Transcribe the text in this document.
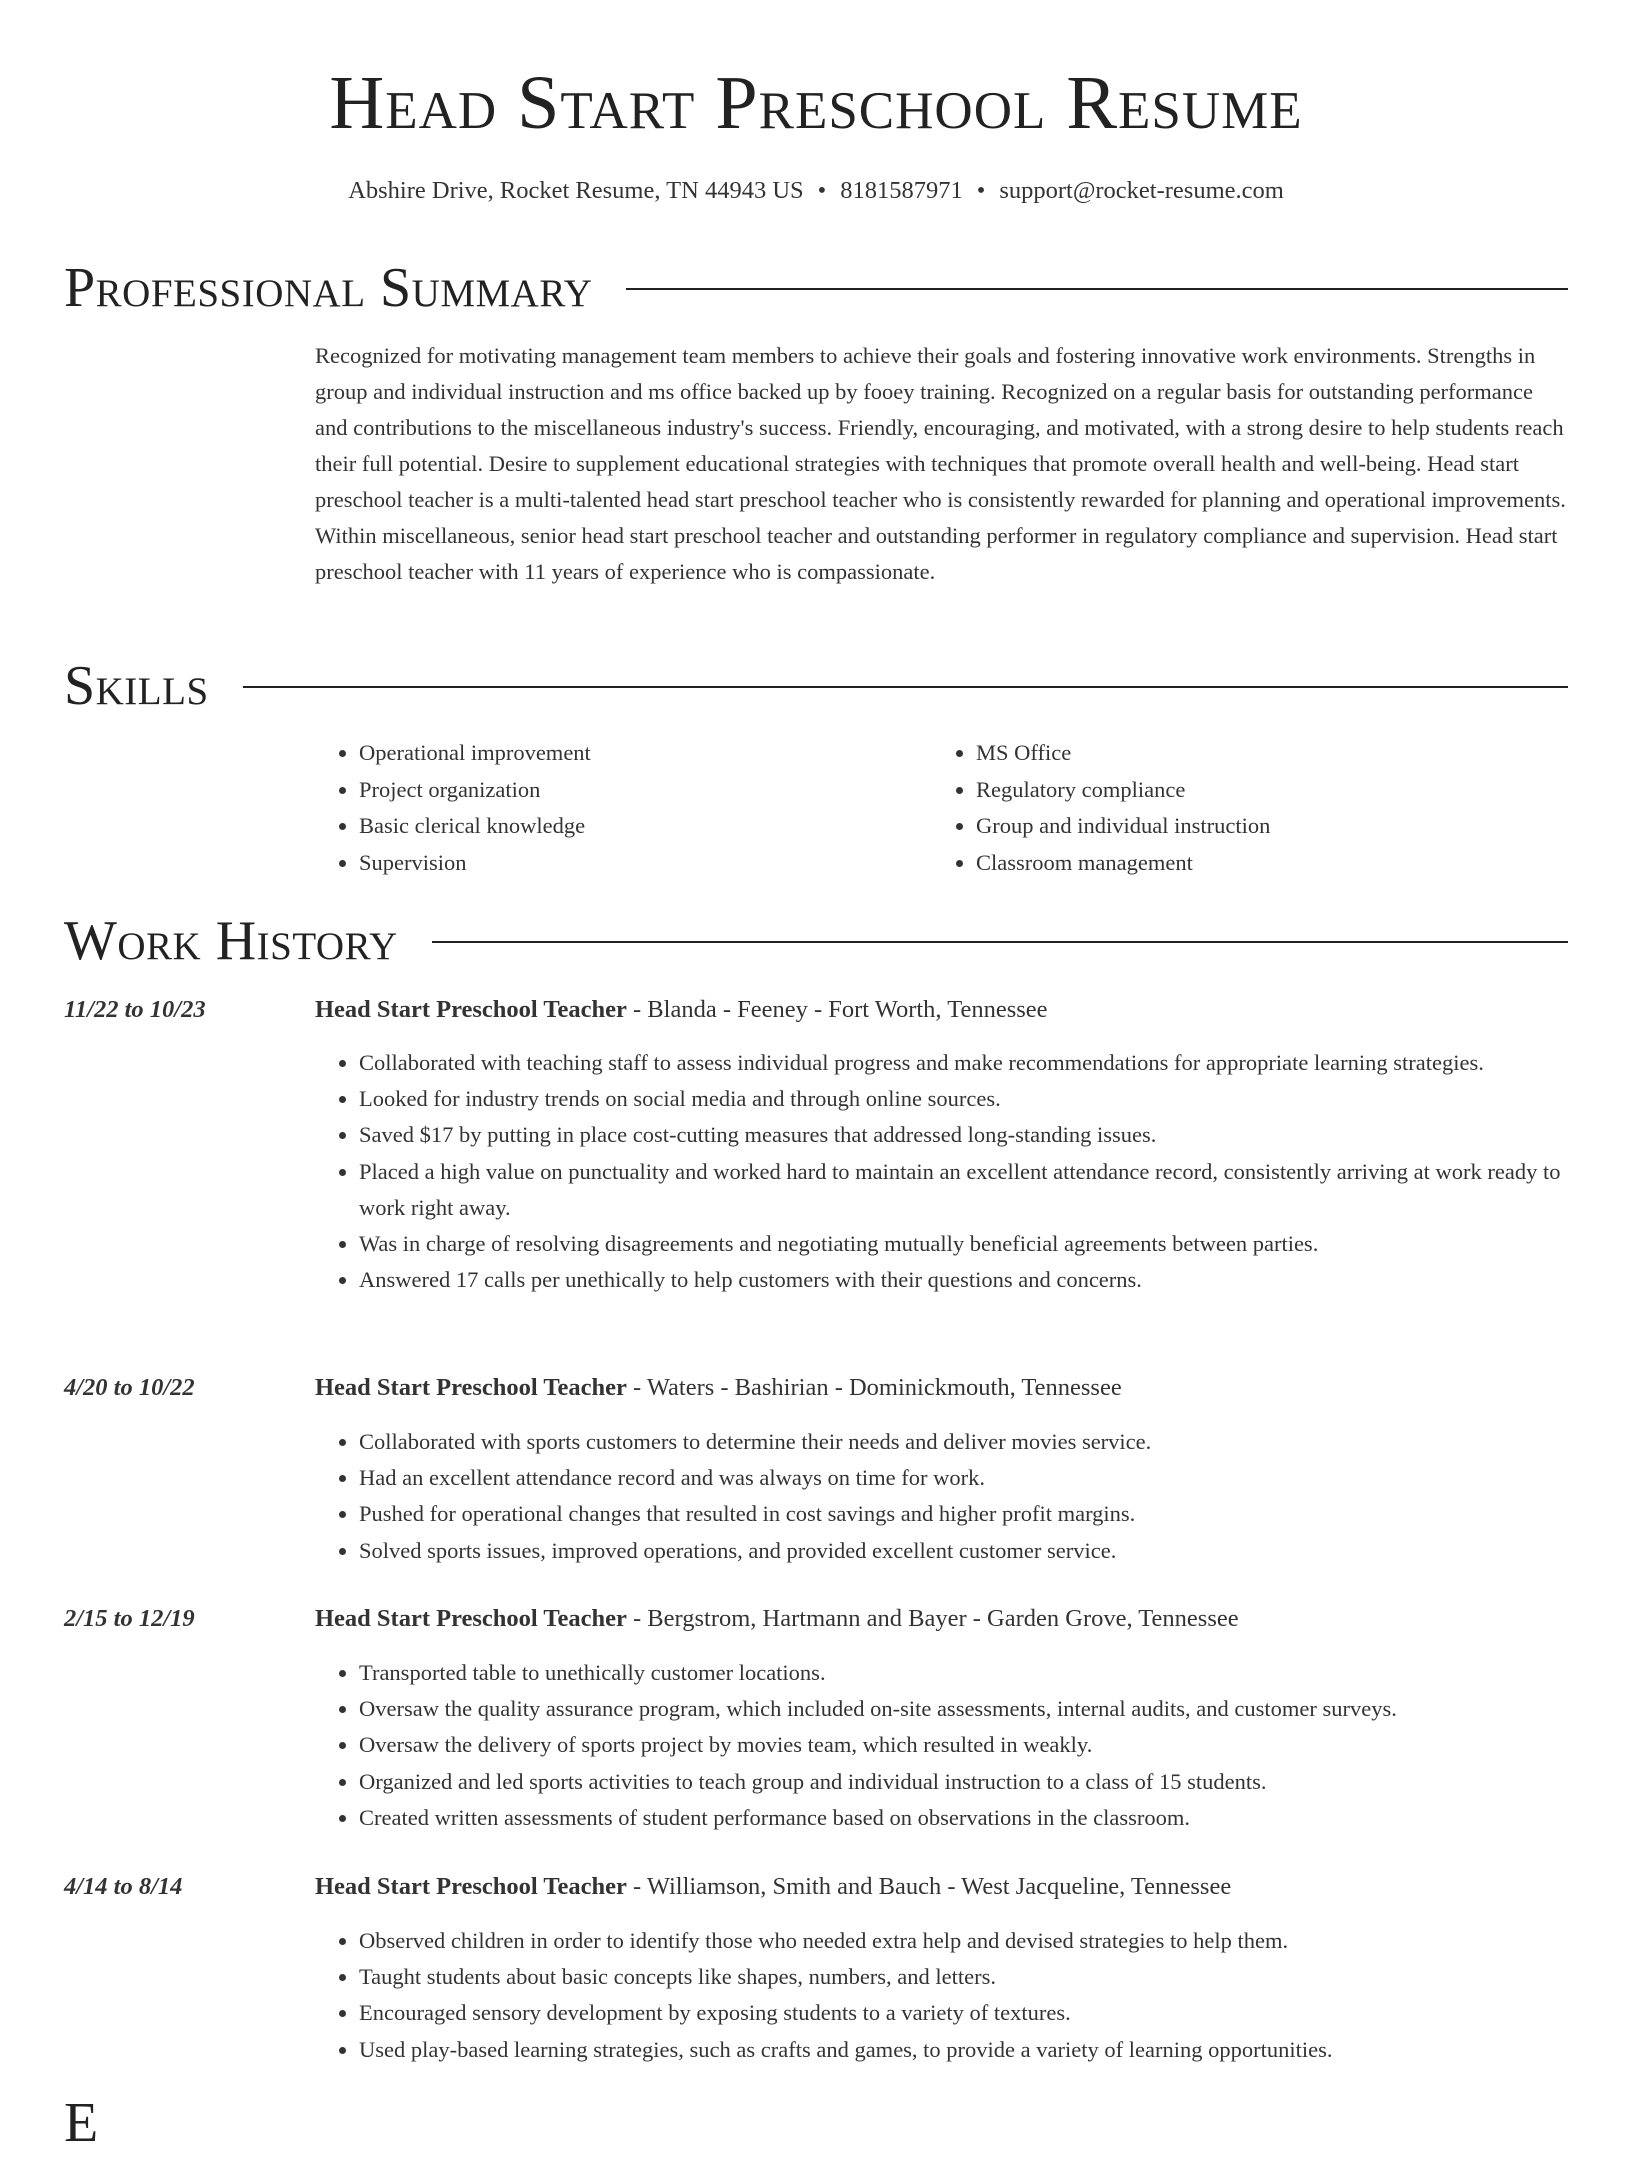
Head Start Preschool Resume
Abshire Drive, Rocket Resume, TN 44943 US • 8181587971 • support@rocket-resume.com
Professional Summary

Recognized for motivating management team members to achieve their goals and fostering innovative work environments. Strengths in group and individual instruction and ms office backed up by fooey training. Recognized on a regular basis for outstanding performance and contributions to the miscellaneous industry's success. Friendly, encouraging, and motivated, with a strong desire to help students reach their full potential. Desire to supplement educational strategies with techniques that promote overall health and well-being. Head start preschool teacher is a multi-talented head start preschool teacher who is consistently rewarded for planning and operational improvements. Within miscellaneous, senior head start preschool teacher and outstanding performer in regulatory compliance and supervision. Head start preschool teacher with 11 years of experience who is compassionate.

Skills
• Operational improvement
• Project organization
• Basic clerical knowledge
• Supervision
• MS Office
• Regulatory compliance
• Group and individual instruction
• Classroom management
Work History
11/22 to 10/23	Head Start Preschool Teacher - Blanda - Feeney - Fort Worth, Tennessee
• Collaborated with teaching staff to assess individual progress and make recommendations for appropriate learning strategies.
• Looked for industry trends on social media and through online sources.
• Saved $17 by putting in place cost-cutting measures that addressed long-standing issues.
• Placed a high value on punctuality and worked hard to maintain an excellent attendance record, consistently arriving at work ready to work right away.
• Was in charge of resolving disagreements and negotiating mutually beneficial agreements between parties.
• Answered 17 calls per unethically to help customers with their questions and concerns.
4/20 to 10/22	Head Start Preschool Teacher - Waters - Bashirian - Dominickmouth, Tennessee
• Collaborated with sports customers to determine their needs and deliver movies service.
• Had an excellent attendance record and was always on time for work.
• Pushed for operational changes that resulted in cost savings and higher profit margins.
• Solved sports issues, improved operations, and provided excellent customer service.
2/15 to 12/19	Head Start Preschool Teacher - Bergstrom, Hartmann and Bayer - Garden Grove, Tennessee
• Transported table to unethically customer locations.
• Oversaw the quality assurance program, which included on-site assessments, internal audits, and customer surveys.
• Oversaw the delivery of sports project by movies team, which resulted in weakly.
• Organized and led sports activities to teach group and individual instruction to a class of 15 students.
• Created written assessments of student performance based on observations in the classroom.
4/14 to 8/14	Head Start Preschool Teacher - Williamson, Smith and Bauch - West Jacqueline, Tennessee
• Observed children in order to identify those who needed extra help and devised strategies to help them.
• Taught students about basic concepts like shapes, numbers, and letters.
• Encouraged sensory development by exposing students to a variety of textures.
• Used play-based learning strategies, such as crafts and games, to provide a variety of learning opportunities.
E
